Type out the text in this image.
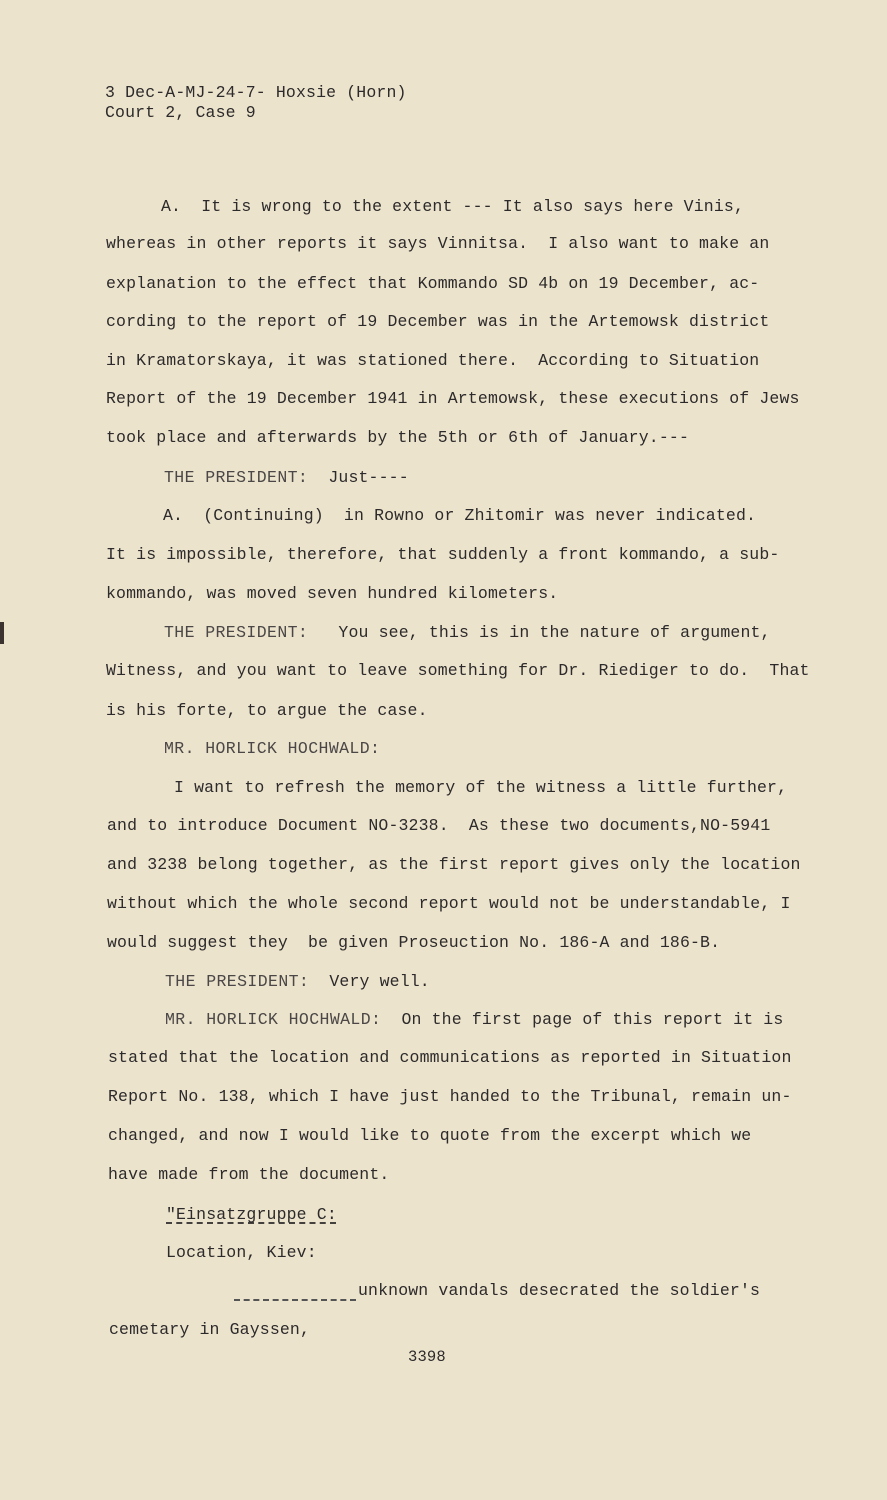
3 Dec-A-MJ-24-7- Hoxsie (Horn)
Court 2, Case 9
A.  It is wrong to the extent --- It also says here Vinis,
whereas in other reports it says Vinnitsa.  I also want to make an
explanation to the effect that Kommando SD 4b on 19 December, ac-
cording to the report of 19 December was in the Artemowsk district
in Kramatorskaya, it was stationed there.  According to Situation
Report of the 19 December 1941 in Artemowsk, these executions of Jews
took place and afterwards by the 5th or 6th of January.---
THE PRESIDENT: Just----
A.  (Continuing)  in Rowno or Zhitomir was never indicated.
It is impossible, therefore, that suddenly a front kommando, a sub-
kommando, was moved seven hundred kilometers.
THE PRESIDENT: You see, this is in the nature of argument,
Witness, and you want to leave something for Dr. Riediger to do.  That
is his forte, to argue the case.
MR. HORLICK HOCHWALD:
I want to refresh the memory of the witness a little further,
and to introduce Document NO-3238.  As these two documents,NO-5941
and 3238 belong together, as the first report gives only the location
without which the whole second report would not be understandable, I
would suggest they  be given Proseuction No. 186-A and 186-B.
THE PRESIDENT: Very well.
MR. HORLICK HOCHWALD: On the first page of this report it is
stated that the location and communications as reported in Situation
Report No. 138, which I have just handed to the Tribunal, remain un-
changed, and now I would like to quote from the excerpt which we
have made from the document.
"Einsatzgruppe C:
Location, Kiev:
unknown vandals desecrated the soldier's
cemetary in Gayssen,
3398
